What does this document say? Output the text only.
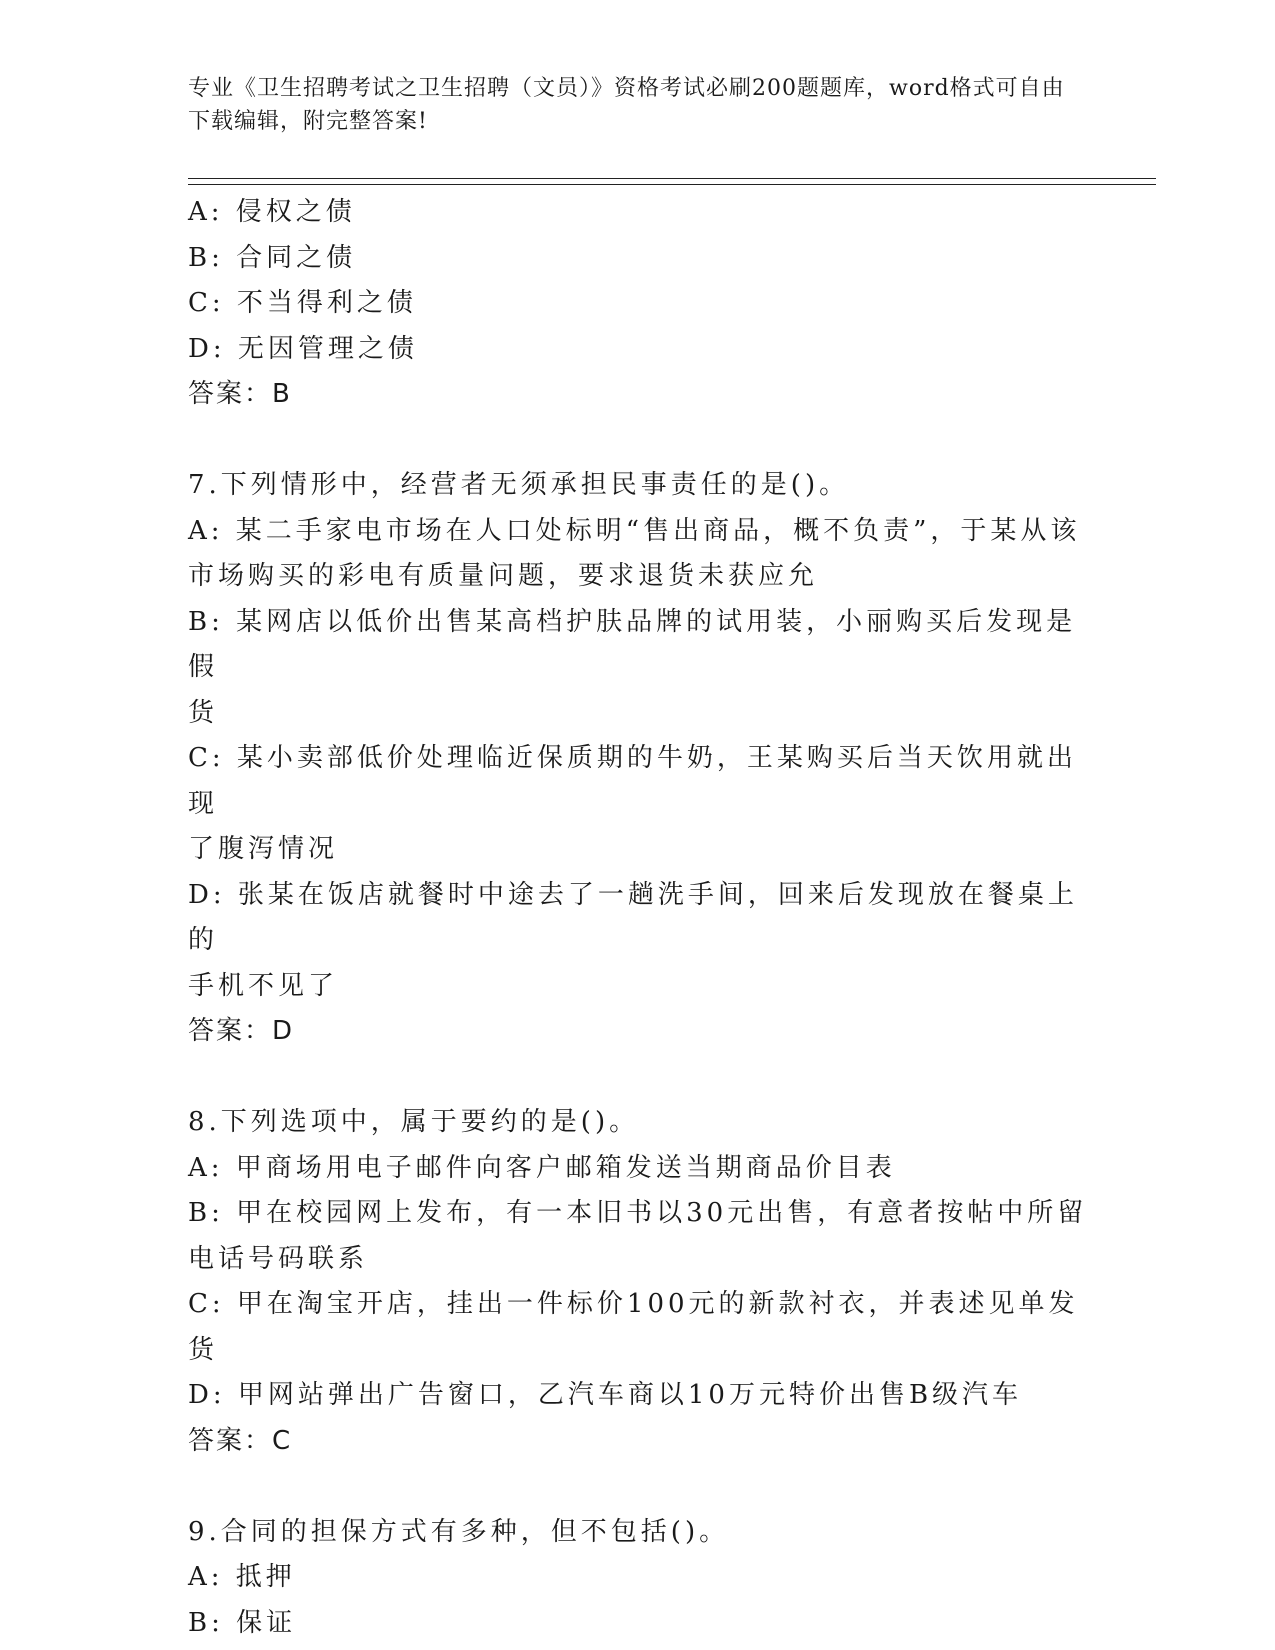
专业《卫生招聘考试之卫生招聘（文员）》资格考试必刷200题题库，word格式可自由下载编辑，附完整答案!
A: 侵权之债
B: 合同之债
C: 不当得利之债
D: 无因管理之债
答案：B
7.下列情形中，经营者无须承担民事责任的是()。
A: 某二手家电市场在人口处标明“售出商品，概不负责”，于某从该
市场购买的彩电有质量问题，要求退货未获应允
B: 某网店以低价出售某高档护肤品牌的试用装，小丽购买后发现是假
货
C: 某小卖部低价处理临近保质期的牛奶，王某购买后当天饮用就出现
了腹泻情况
D: 张某在饭店就餐时中途去了一趟洗手间，回来后发现放在餐桌上的
手机不见了
答案：D
8.下列选项中，属于要约的是()。
A: 甲商场用电子邮件向客户邮箱发送当期商品价目表
B: 甲在校园网上发布，有一本旧书以30元出售，有意者按帖中所留
电话号码联系
C: 甲在淘宝开店，挂出一件标价100元的新款衬衣，并表述见单发货
D: 甲网站弹出广告窗口，乙汽车商以10万元特价出售B级汽车
答案：C
9.合同的担保方式有多种，但不包括()。
A: 抵押
B: 保证
